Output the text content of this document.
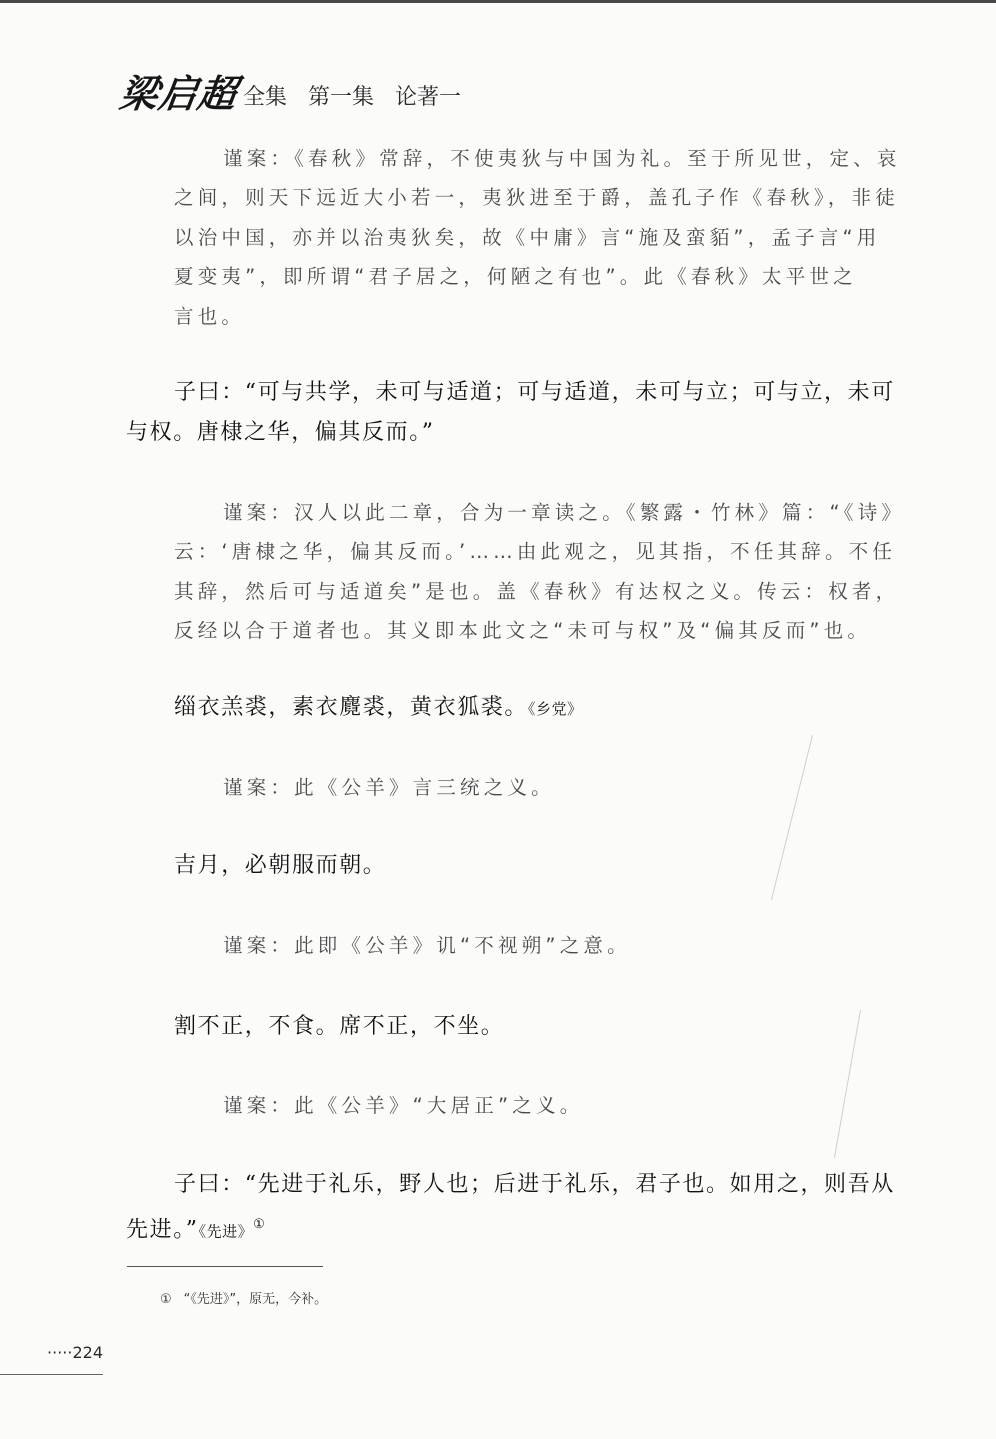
梁启超 全集 第一集 论著一
谨案：《春秋》常辞，不使夷狄与中国为礼。至于所见世，定、哀
之间，则天下远近大小若一，夷狄进至于爵，盖孔子作《春秋》，非徒
以治中国，亦并以治夷狄矣，故《中庸》言“施及蛮貊”，孟子言“用
夏变夷”，即所谓“君子居之，何陋之有也”。此《春秋》太平世之
言也。
子曰：“可与共学，未可与适道；可与适道，未可与立；可与立，未可
与权。唐棣之华，偏其反而。”
谨案：汉人以此二章，合为一章读之。《繁露・竹林》篇：“《诗》
云：‘唐棣之华，偏其反而。’……由此观之，见其指，不任其辞。不任
其辞，然后可与适道矣”是也。盖《春秋》有达权之义。传云：权者，
反经以合于道者也。其义即本此文之“未可与权”及“偏其反而”也。
缁衣羔裘，素衣麑裘，黄衣狐裘。《乡党》
谨案：此《公羊》言三统之义。
吉月，必朝服而朝。
谨案：此即《公羊》讥“不视朔”之意。
割不正，不食。席不正，不坐。
谨案：此《公羊》“大居正”之义。
子曰：“先进于礼乐，野人也；后进于礼乐，君子也。如用之，则吾从
先进。”《先进》①
① “《先进》”，原无，今补。
·····224
